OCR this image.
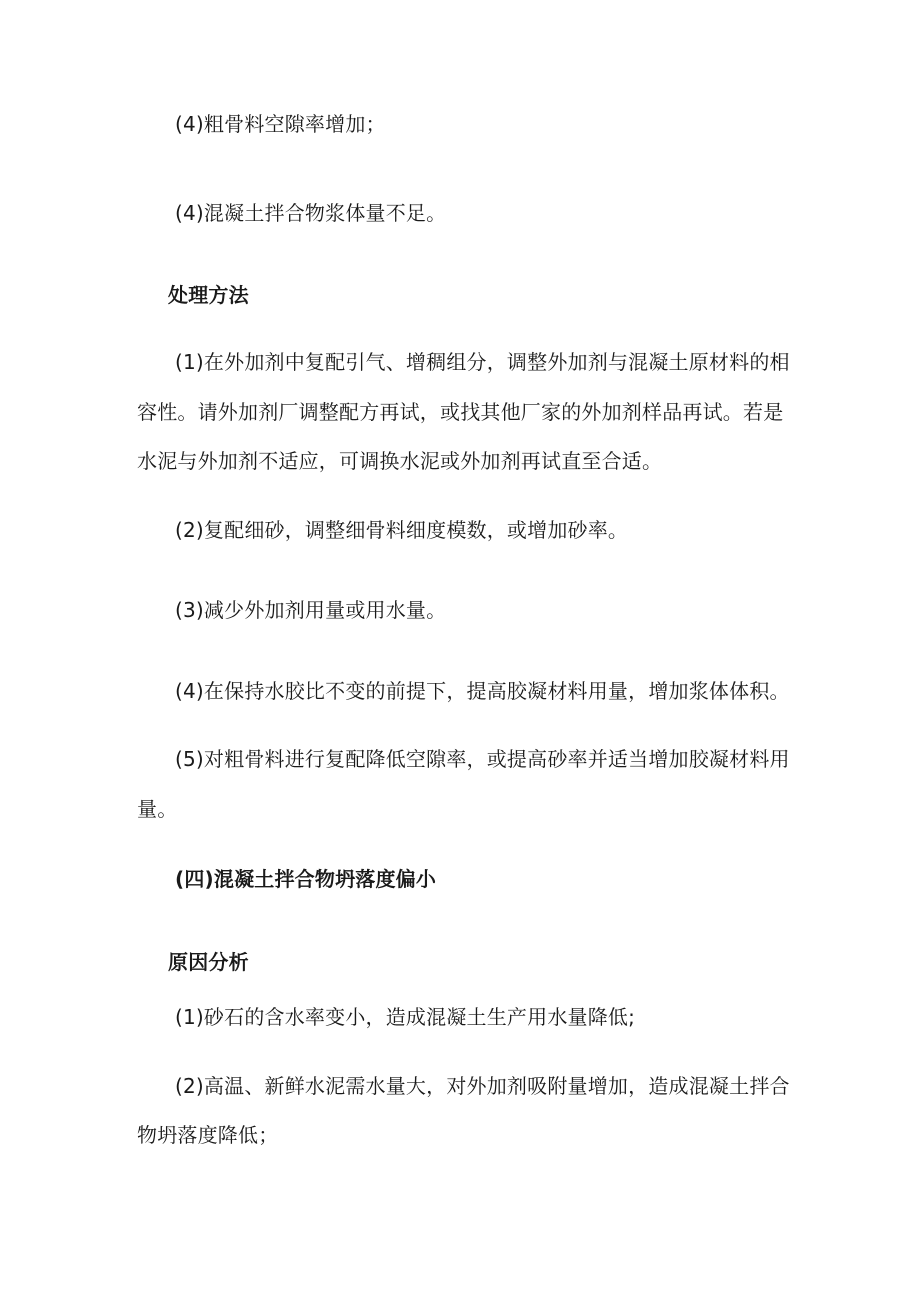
(4)粗骨料空隙率增加；
(4)混凝土拌合物浆体量不足。
处理方法
(1)在外加剂中复配引气、增稠组分，调整外加剂与混凝土原材料的相
容性。请外加剂厂调整配方再试，或找其他厂家的外加剂样品再试。若是
水泥与外加剂不适应，可调换水泥或外加剂再试直至合适。
(2)复配细砂，调整细骨料细度模数，或增加砂率。
(3)减少外加剂用量或用水量。
(4)在保持水胶比不变的前提下，提高胶凝材料用量，增加浆体体积。
(5)对粗骨料进行复配降低空隙率，或提高砂率并适当增加胶凝材料用
量。
(四)混凝土拌合物坍落度偏小
原因分析
(1)砂石的含水率变小，造成混凝土生产用水量降低;
(2)高温、新鲜水泥需水量大，对外加剂吸附量增加，造成混凝土拌合
物坍落度降低；
